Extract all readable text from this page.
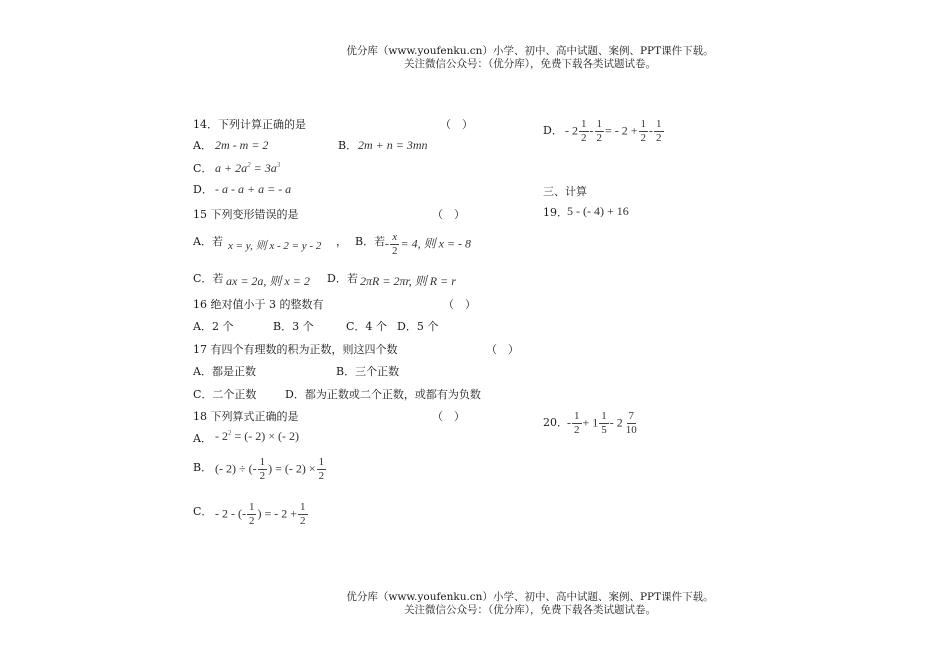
优分库（www.youfenku.cn）小学、初中、高中试题、案例、PPT课件下载。
关注微信公众号：（优分库），免费下载各类试题试卷。
14．下列计算正确的是	（　）
A． 2m - m = 2	B． 2m + n = 3mn
C． $a + 2a^2 = 3a^3$
D． - a - a + a = - a
15 下列变形错误的是	（　）
A．若 x = y, 则 x - 2 = y - 2 ， B．若 - $\frac{x}{2} = 4$, 则 x = - 8
C．若 ax = 2a, 则 x = 2 D．若 2πR = 2πr, 则 R = r
16 绝对值小于 3 的整数有	（　）
A．2 个	B．3 个	C．4 个 D．5 个
17 有四个有理数的积为正数，则这四个数	（　）
A．都是正数	B．三个正数
C．二个正数	D．都为正数或二个正数，或都有为负数
18 下列算式正确的是	（　）
A． - $2^2$ = (- 2) × (- 2)
B． (- 2) ÷ (- $\frac{1}{2}$ ) = (- $2) \times \frac{1}{2}$
C． - 2 - (- $\frac{1}{2}$ ) = - $2 + \frac{1}{2}$
D． - $2 \frac{1}{2} - \frac{1}{2}$ = - $2 + \frac{1}{2} - \frac{1}{2}$
三、计算
19． 5 - (- 4) + 16
20． - $\frac{1}{2} + 1 \frac{1}{5} - 2 \frac{7}{10}$
优分库（www.youfenku.cn）小学、初中、高中试题、案例、PPT课件下载。
关注微信公众号：（优分库），免费下载各类试题试卷。
